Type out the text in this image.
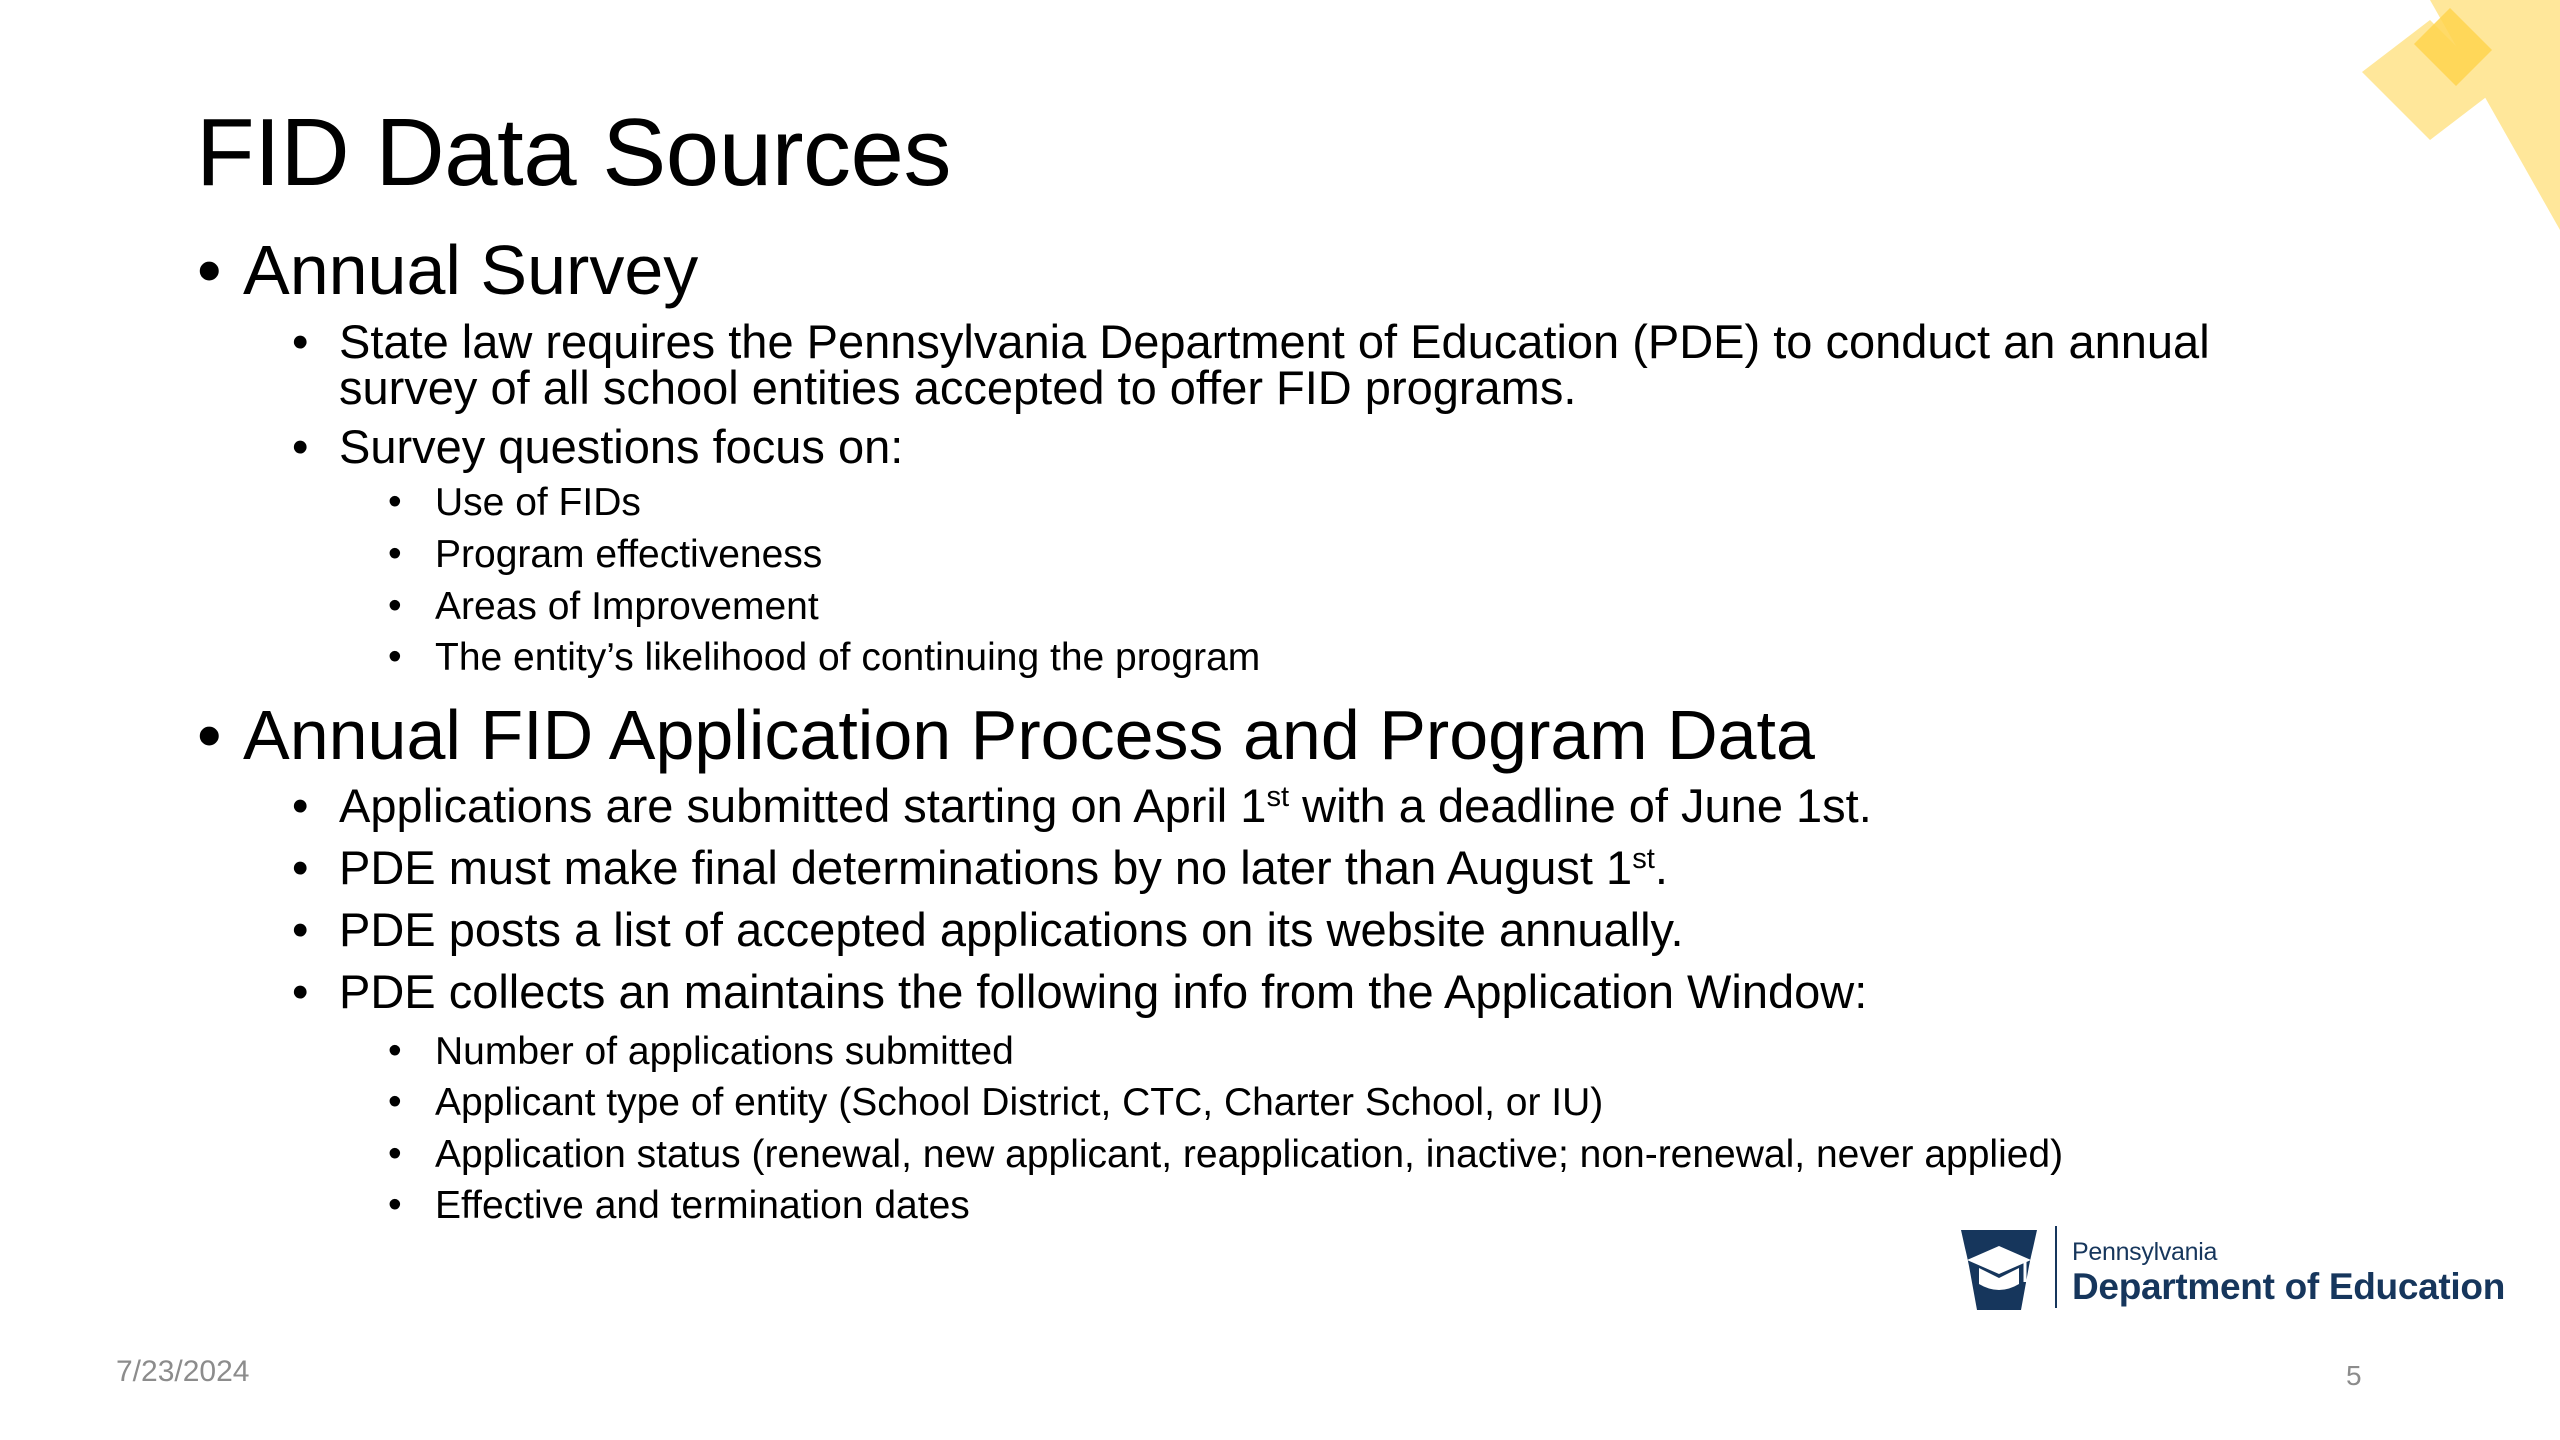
FID Data Sources
• Annual Survey
• State law requires the Pennsylvania Department of Education (PDE) to conduct an annual
survey of all school entities accepted to offer FID programs.
• Survey questions focus on:
• Use of FIDs
• Program effectiveness
• Areas of Improvement
• The entity’s likelihood of continuing the program
• Annual FID Application Process and Program Data
• Applications are submitted starting on April 1st with a deadline of June 1st.
• PDE must make final determinations by no later than August 1st.
• PDE posts a list of accepted applications on its website annually.
• PDE collects an maintains the following info from the Application Window:
• Number of applications submitted
• Applicant type of entity (School District, CTC, Charter School, or IU)
• Application status (renewal, new applicant, reapplication, inactive; non-renewal, never applied)
• Effective and termination dates
Pennsylvania
Department of Education
7/23/2024	5
